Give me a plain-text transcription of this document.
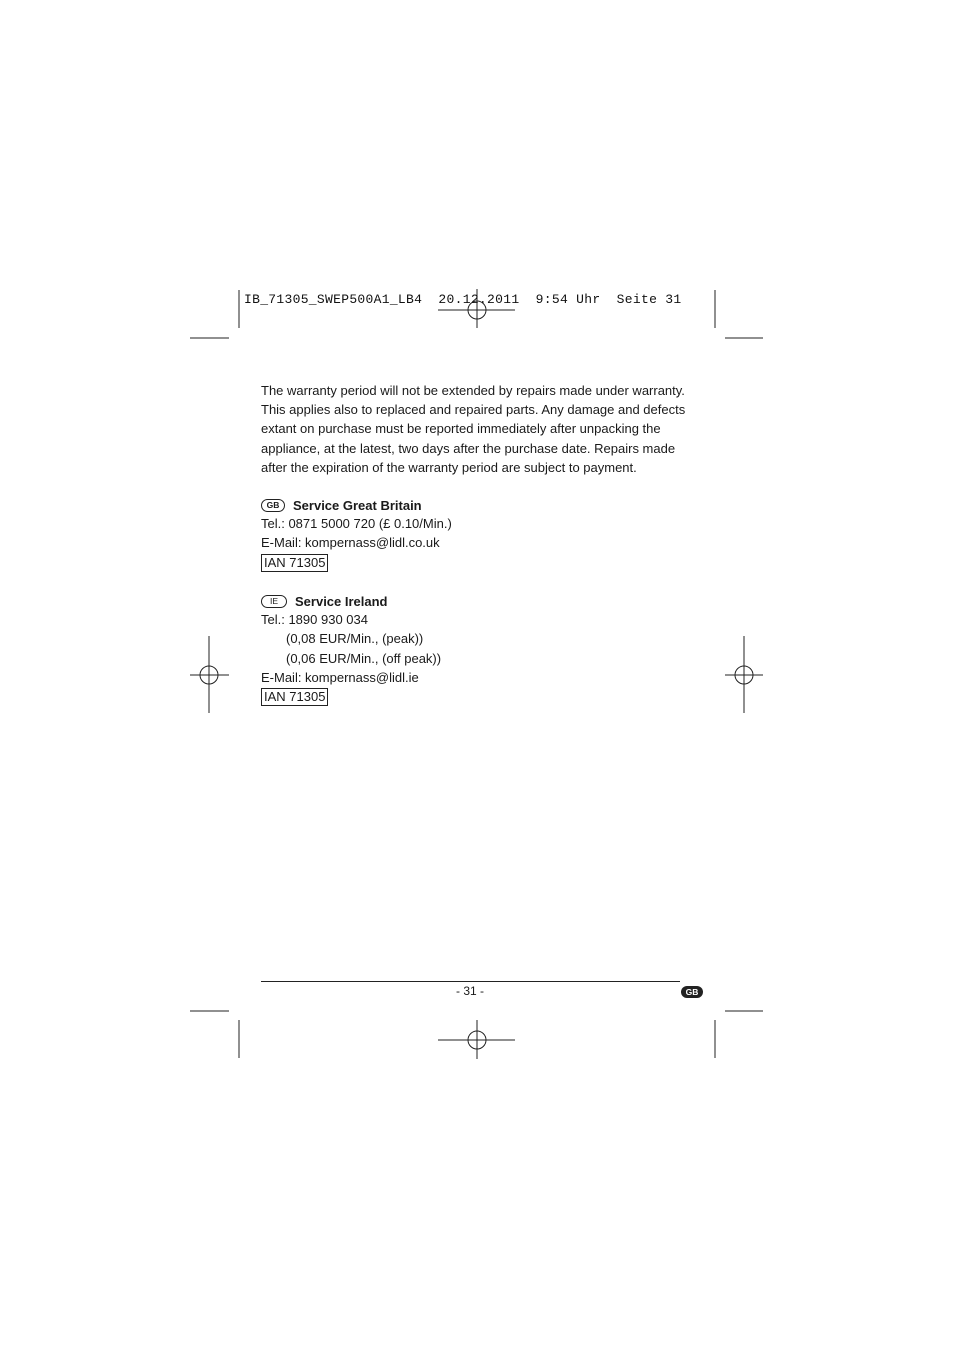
IB_71305_SWEP500A1_LB4  20.12.2011  9:54 Uhr  Seite 31
The warranty period will not be extended by repairs made under warranty.
This applies also to replaced and repaired parts. Any damage and defects
extant on purchase must be reported immediately after unpacking the
appliance, at the latest, two days after the purchase date. Repairs made
after the expiration of the warranty period are subject to payment.
GB	Service Great Britain
Tel.: 0871 5000 720 (£ 0.10/Min.)
E-Mail: kompernass@lidl.co.uk
IAN 71305
IE	Service Ireland
Tel.: 1890 930 034
(0,08 EUR/Min., (peak))
(0,06 EUR/Min., (off peak))
E-Mail: kompernass@lidl.ie
IAN 71305
- 31 -	GB
